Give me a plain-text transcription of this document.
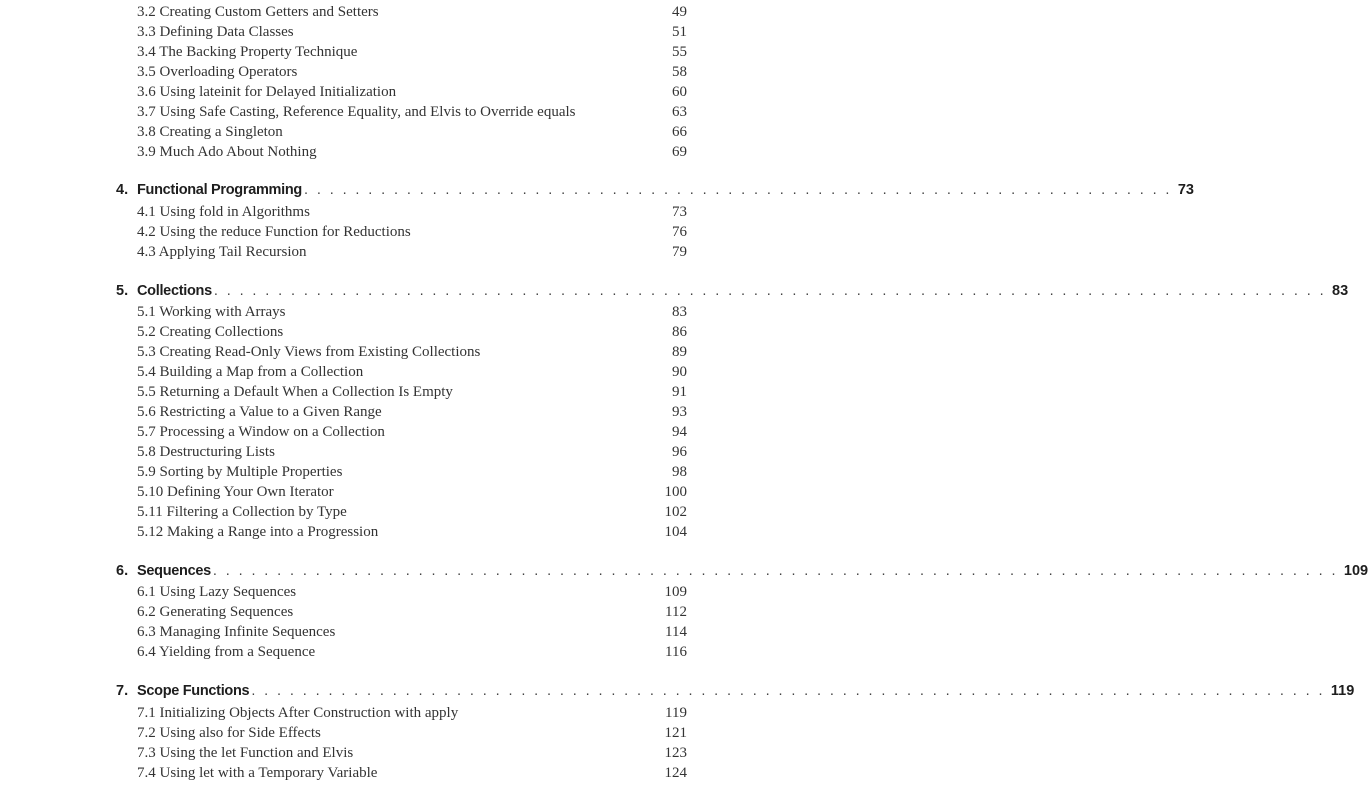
3.2 Creating Custom Getters and Setters	49
3.3 Defining Data Classes	51
3.4 The Backing Property Technique	55
3.5 Overloading Operators	58
3.6 Using lateinit for Delayed Initialization	60
3.7 Using Safe Casting, Reference Equality, and Elvis to Override equals	63
3.8 Creating a Singleton	66
3.9 Much Ado About Nothing	69
4. Functional Programming . . . . . . . . . . . . . . . . . . . . . . . . . . . . . . . . . . . . . . . . . . . . . . . . . . . . . . . . . . . . . . . . . . . . 73
4.1 Using fold in Algorithms	73
4.2 Using the reduce Function for Reductions	76
4.3 Applying Tail Recursion	79
5. Collections . . . . . . . . . . . . . . . . . . . . . . . . . . . . . . . . . . . . . . . . . . . . . . . . . . . . . . . . . . . . . . . . . . . . . . . . . . . . . . . . . . . . . . . 83
5.1 Working with Arrays	83
5.2 Creating Collections	86
5.3 Creating Read-Only Views from Existing Collections	89
5.4 Building a Map from a Collection	90
5.5 Returning a Default When a Collection Is Empty	91
5.6 Restricting a Value to a Given Range	93
5.7 Processing a Window on a Collection	94
5.8 Destructuring Lists	96
5.9 Sorting by Multiple Properties	98
5.10 Defining Your Own Iterator	100
5.11 Filtering a Collection by Type	102
5.12 Making a Range into a Progression	104
6. Sequences . . . . . . . . . . . . . . . . . . . . . . . . . . . . . . . . . . . . . . . . . . . . . . . . . . . . . . . . . . . . . . . . . . . . . . . . . . . . . . . . . . . . . . . . 109
6.1 Using Lazy Sequences	109
6.2 Generating Sequences	112
6.3 Managing Infinite Sequences	114
6.4 Yielding from a Sequence	116
7. Scope Functions . . . . . . . . . . . . . . . . . . . . . . . . . . . . . . . . . . . . . . . . . . . . . . . . . . . . . . . . . . . . . . . . . . . . . . . . . . . . . . . . . . . . 119
7.1 Initializing Objects After Construction with apply	119
7.2 Using also for Side Effects	121
7.3 Using the let Function and Elvis	123
7.4 Using let with a Temporary Variable	124
